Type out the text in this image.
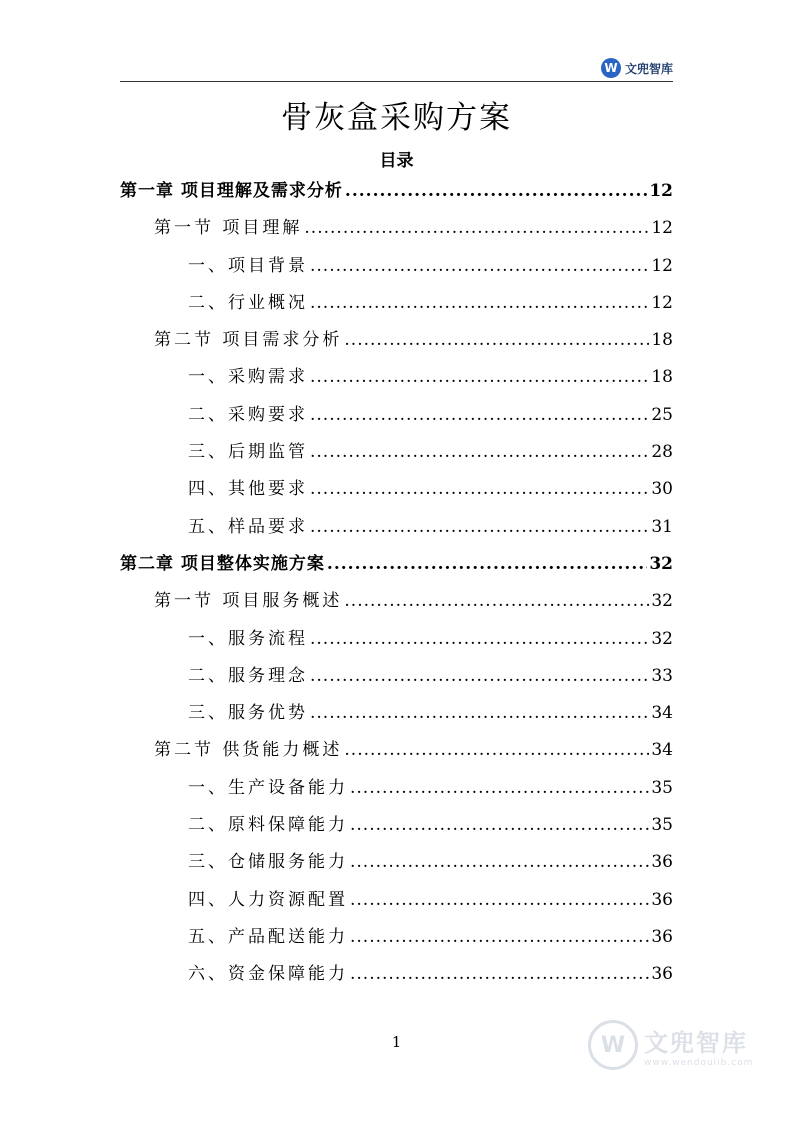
W 文兜智库
骨灰盒采购方案
目录
第一章 项目理解及需求分析 .....	12
第一节 项目理解 .....	12
一、项目背景 .....	12
二、行业概况 .....	12
第二节 项目需求分析 .....	18
一、采购需求 .....	18
二、采购要求 .....	25
三、后期监管 .....	28
四、其他要求 .....	30
五、样品要求 .....	31
第二章 项目整体实施方案 .....	32
第一节 项目服务概述 .....	32
一、服务流程 .....	32
二、服务理念 .....	33
三、服务优势 .....	34
第二节 供货能力概述 .....	34
一、生产设备能力 .....	35
二、原料保障能力 .....	35
三、仓储服务能力 .....	36
四、人力资源配置 .....	36
五、产品配送能力 .....	36
六、资金保障能力 .....	36
1	W 文兜智库
www.wendoulib.com
